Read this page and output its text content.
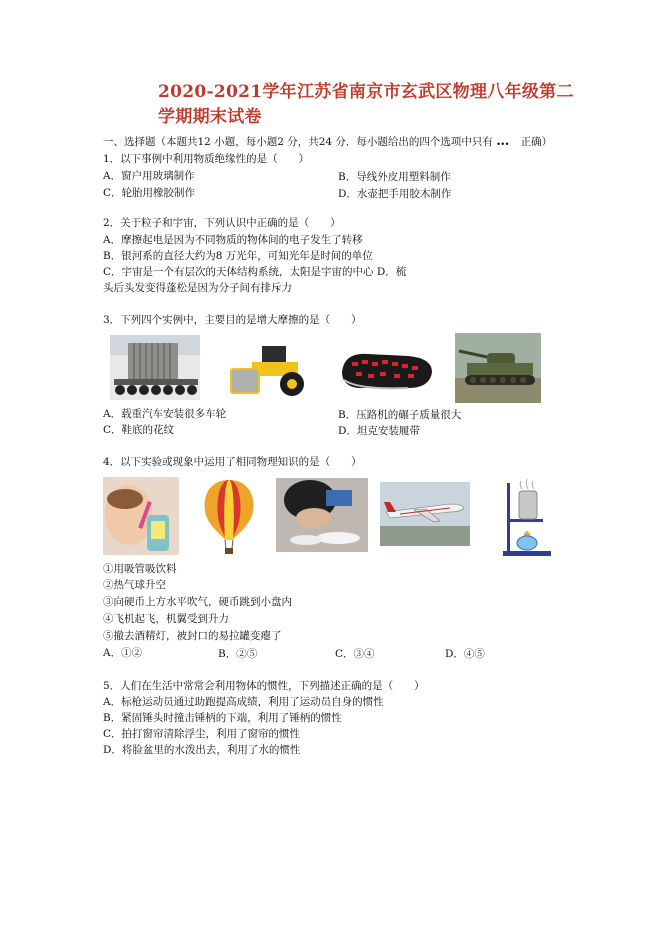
2020-2021学年江苏省南京市玄武区物理八年级第二
学期期末试卷
一、选择题（本题共12 小题，每小题2 分，共24 分．每小题给出的四个选项中只有 … 正确）
1．以下事例中利用物质绝缘性的是（　　）
A．窗户用玻璃制作	B．导线外皮用塑料制作
C．轮胎用橡胶制作	D．水壶把手用胶木制作
2．关于粒子和宇宙，下列认识中正确的是（　　）
A．摩擦起电是因为不同物质的物体间的电子发生了转移
B．银河系的直径大约为8 万光年，可知光年是时间的单位
C．宇宙是一个有层次的天体结构系统，太阳是宇宙的中心 D．梳
头后头发变得蓬松是因为分子间有排斥力
3．下列四个实例中，主要目的是增大摩擦的是（　　）
A．载重汽车安装很多车轮	B．压路机的碾子质量很大
C．鞋底的花纹	D．坦克安装履带
4．以下实验或现象中运用了相同物理知识的是（　　）
①用吸管吸饮料
②热气球升空
③向硬币上方水平吹气，硬币跳到小盘内
④飞机起飞，机翼受到升力
⑤撤去酒精灯，被封口的易拉罐变瘪了
A．①②	B．②⑤	C．③④	D．④⑤
5．人们在生活中常常会利用物体的惯性，下列描述正确的是（　　）
A．标枪运动员通过助跑提高成绩，利用了运动员自身的惯性
B．紧固锤头时撞击锤柄的下端，利用了锤柄的惯性
C．拍打窗帘清除浮尘，利用了窗帘的惯性
D．将脸盆里的水泼出去，利用了水的惯性
